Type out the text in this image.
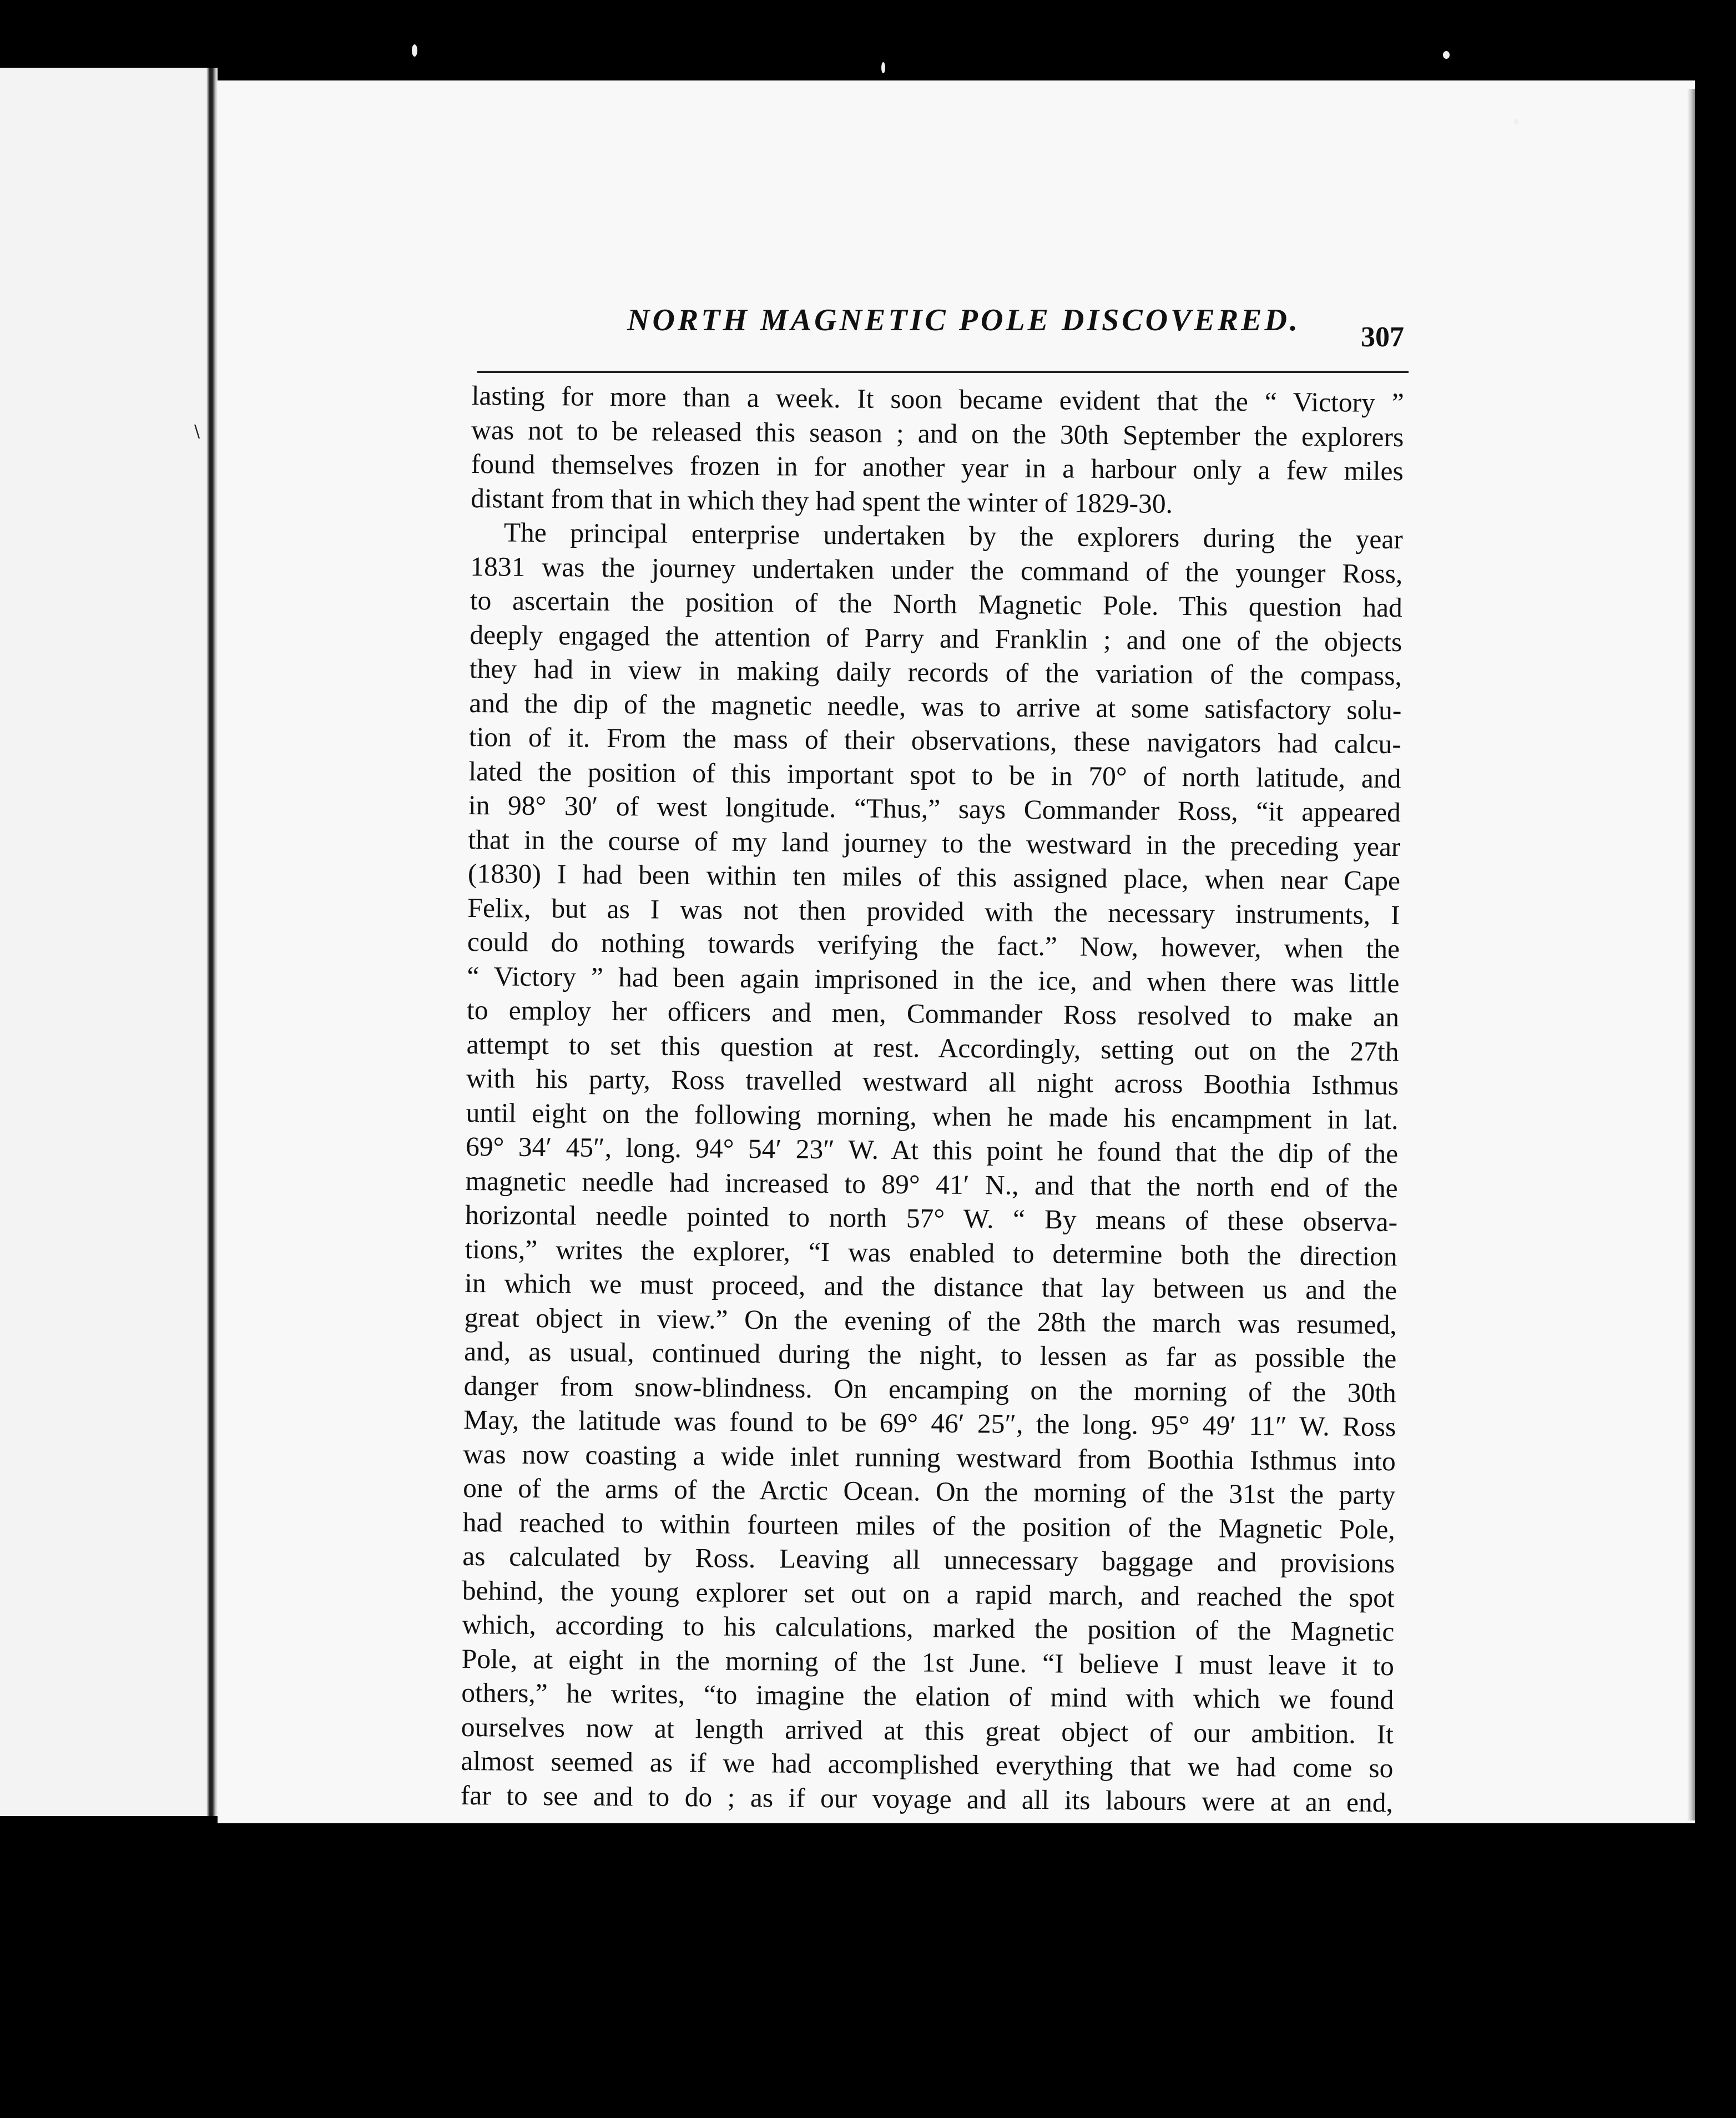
\
NORTH MAGNETIC POLE DISCOVERED.	307
lasting for more than a week. It soon became evident that the “ Victory ”
was not to be released this season ; and on the 30th September the explorers
found themselves frozen in for another year in a harbour only a few miles
distant from that in which they had spent the winter of 1829-30.
The principal enterprise undertaken by the explorers during the year
1831 was the journey undertaken under the command of the younger Ross,
to ascertain the position of the North Magnetic Pole. This question had
deeply engaged the attention of Parry and Franklin ; and one of the objects
they had in view in making daily records of the variation of the compass,
and the dip of the magnetic needle, was to arrive at some satisfactory solu-
tion of it. From the mass of their observations, these navigators had calcu-
lated the position of this important spot to be in 70° of north latitude, and
in 98° 30′ of west longitude. “Thus,” says Commander Ross, “it appeared
that in the course of my land journey to the westward in the preceding year
(1830) I had been within ten miles of this assigned place, when near Cape
Felix, but as I was not then provided with the necessary instruments, I
could do nothing towards verifying the fact.” Now, however, when the
“ Victory ” had been again imprisoned in the ice, and when there was little
to employ her officers and men, Commander Ross resolved to make an
attempt to set this question at rest. Accordingly, setting out on the 27th
with his party, Ross travelled westward all night across Boothia Isthmus
until eight on the following morning, when he made his encampment in lat.
69° 34′ 45″, long. 94° 54′ 23″ W. At this point he found that the dip of the
magnetic needle had increased to 89° 41′ N., and that the north end of the
horizontal needle pointed to north 57° W. “ By means of these observa-
tions,” writes the explorer, “I was enabled to determine both the direction
in which we must proceed, and the distance that lay between us and the
great object in view.” On the evening of the 28th the march was resumed,
and, as usual, continued during the night, to lessen as far as possible the
danger from snow-blindness. On encamping on the morning of the 30th
May, the latitude was found to be 69° 46′ 25″, the long. 95° 49′ 11″ W. Ross
was now coasting a wide inlet running westward from Boothia Isthmus into
one of the arms of the Arctic Ocean. On the morning of the 31st the party
had reached to within fourteen miles of the position of the Magnetic Pole,
as calculated by Ross. Leaving all unnecessary baggage and provisions
behind, the young explorer set out on a rapid march, and reached the spot
which, according to his calculations, marked the position of the Magnetic
Pole, at eight in the morning of the 1st June. “I believe I must leave it to
others,” he writes, “to imagine the elation of mind with which we found
ourselves now at length arrived at this great object of our ambition. It
almost seemed as if we had accomplished everything that we had come so
far to see and to do ; as if our voyage and all its labours were at an end,
